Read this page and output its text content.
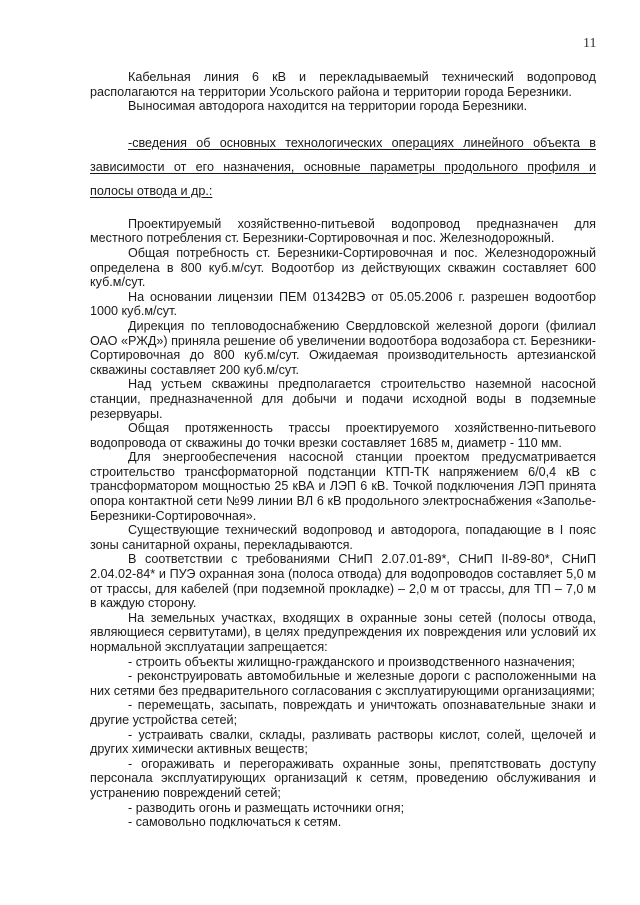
11

Кабельная линия 6 кВ и перекладываемый технический водопровод располагаются на территории Усольского района и территории города Березники.

Выносимая автодорога находится на территории города Березники.

-сведения об основных технологических операциях линейного объекта в зависимости от его назначения, основные параметры продольного профиля и полосы отвода и др.:

Проектируемый хозяйственно-питьевой водопровод предназначен для местного потребления ст. Березники-Сортировочная и пос. Железнодорожный.

Общая потребность ст. Березники-Сортировочная и пос. Железнодорожный определена в 800 куб.м/сут. Водоотбор из действующих скважин составляет 600 куб.м/сут.

На основании лицензии ПЕМ 01342ВЭ от 05.05.2006 г. разрешен водоотбор 1000 куб.м/сут.

Дирекция по тепловодоснабжению Свердловской железной дороги (филиал ОАО «РЖД») приняла решение об увеличении водоотбора водозабора ст. Березники-Сортировочная до 800 куб.м/сут. Ожидаемая производительность артезианской скважины составляет 200 куб.м/сут.

Над устьем скважины предполагается строительство наземной насосной станции, предназначенной для добычи и подачи исходной воды в подземные резервуары.

Общая протяженность трассы проектируемого хозяйственно-питьевого водопровода от скважины до точки врезки составляет 1685 м, диаметр - 110 мм.

Для энергообеспечения насосной станции проектом предусматривается строительство трансформаторной подстанции КТП-ТК напряжением 6/0,4 кВ с трансформатором мощностью 25 кВА и ЛЭП 6 кВ. Точкой подключения ЛЭП принята опора контактной сети №99 линии ВЛ 6 кВ продольного электроснабжения «Заполье-Березники-Сортировочная».

Существующие технический водопровод и автодорога, попадающие в I пояс зоны санитарной охраны, перекладываются.

В соответствии с требованиями СНиП 2.07.01-89*, СНиП II-89-80*, СНиП 2.04.02-84* и ПУЭ охранная зона (полоса отвода) для водопроводов составляет 5,0 м от трассы, для кабелей (при подземной прокладке) – 2,0 м от трассы, для ТП – 7,0 м в каждую сторону.

На земельных участках, входящих в охранные зоны сетей (полосы отвода, являющиеся сервитутами), в целях предупреждения их повреждения или условий их нормальной эксплуатации запрещается:

- строить объекты жилищно-гражданского и производственного назначения;

- реконструировать автомобильные и железные дороги с расположенными на них сетями без предварительного согласования с эксплуатирующими организациями;

- перемещать, засыпать, повреждать и уничтожать опознавательные знаки и другие устройства сетей;

- устраивать свалки, склады, разливать растворы кислот, солей, щелочей и других химически активных веществ;

- огораживать и перегораживать охранные зоны, препятствовать доступу персонала эксплуатирующих организаций к сетям, проведению обслуживания и устранению повреждений сетей;

- разводить огонь и размещать источники огня;

- самовольно подключаться к сетям.
